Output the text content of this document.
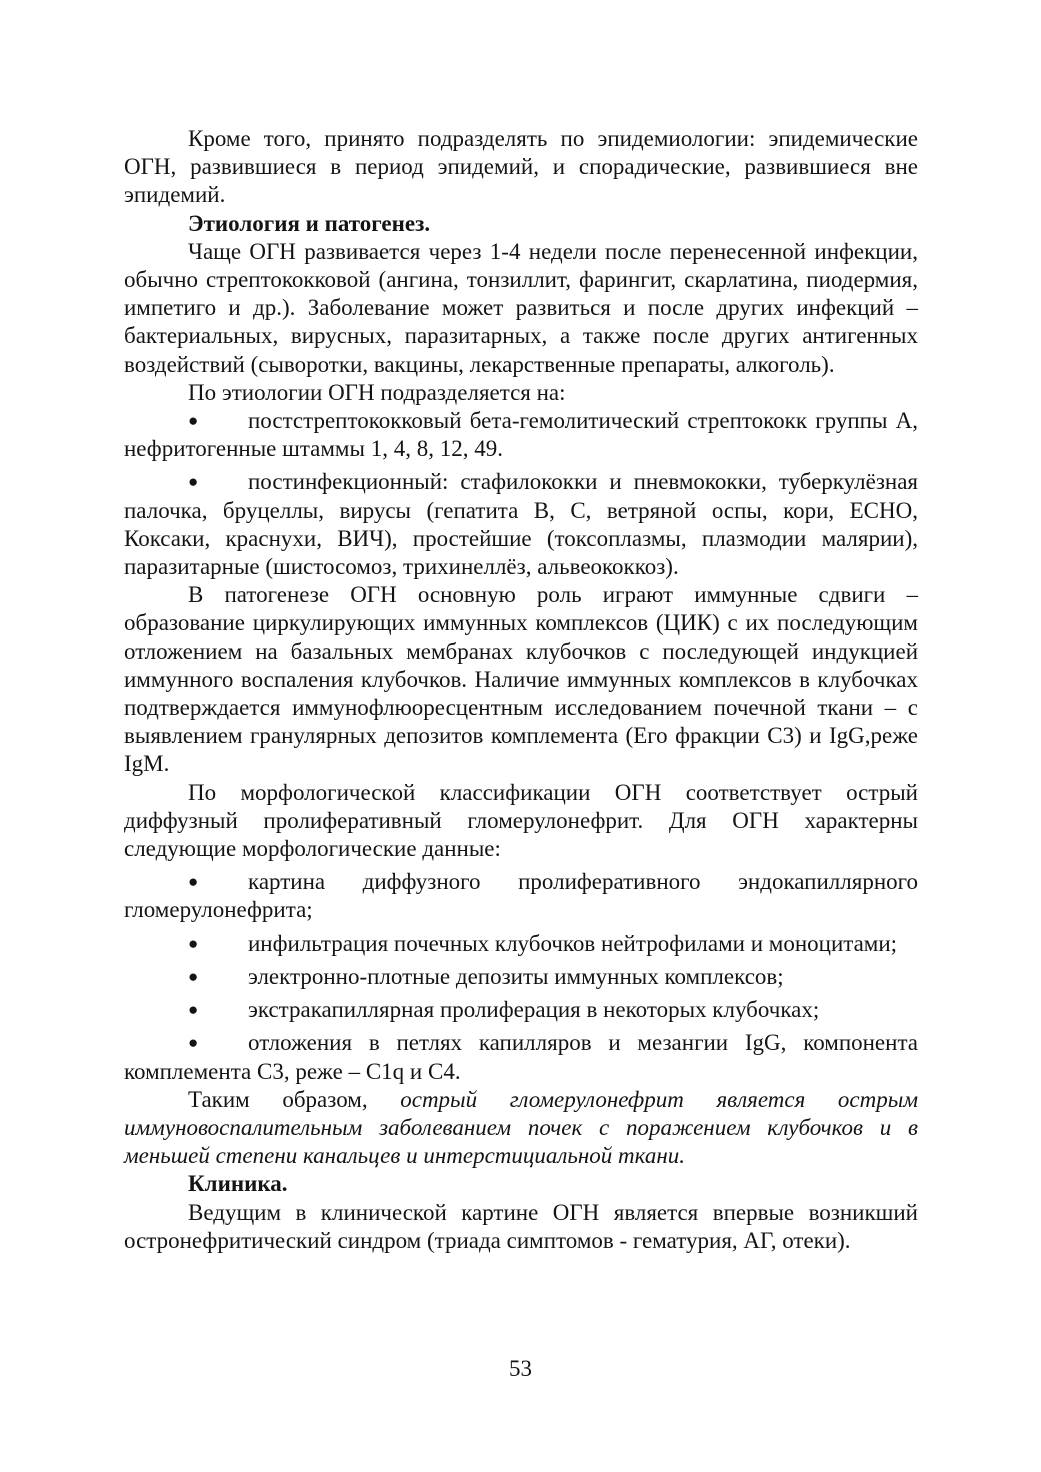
Кроме того, принято подразделять по эпидемиологии: эпидемические ОГН, развившиеся в период эпидемий, и спорадические, развившиеся вне эпидемий.

Этиология и патогенез.

Чаще ОГН развивается через 1-4 недели после перенесенной инфекции, обычно стрептококковой (ангина, тонзиллит, фарингит, скарлатина, пиодермия, импетиго и др.). Заболевание может развиться и после других инфекций – бактериальных, вирусных, паразитарных, а также после других антигенных воздействий (сыворотки, вакцины, лекарственные препараты, алкоголь).

По этиологии ОГН подразделяется на:

● постстрептококковый бета-гемолитический стрептококк группы А, нефритогенные штаммы 1, 4, 8, 12, 49.

● постинфекционный: стафилококки и пневмококки, туберкулёзная палочка, бруцеллы, вирусы (гепатита В, С, ветряной оспы, кори, ЕСНО, Коксаки, краснухи, ВИЧ), простейшие (токсоплазмы, плазмодии малярии), паразитарные (шистосомоз, трихинеллёз, альвеококкоз).

В патогенезе ОГН основную роль играют иммунные сдвиги – образование циркулирующих иммунных комплексов (ЦИК) с их последующим отложением на базальных мембранах клубочков с последующей индукцией иммунного воспаления клубочков. Наличие иммунных комплексов в клубочках подтверждается иммунофлюоресцентным исследованием почечной ткани – с выявлением гранулярных депозитов комплемента (Его фракции С3) и IgG,реже IgM.

По морфологической классификации ОГН соответствует острый диффузный пролиферативный гломерулонефрит. Для ОГН характерны следующие морфологические данные:

● картина диффузного пролиферативного эндокапиллярного гломерулонефрита;

● инфильтрация почечных клубочков нейтрофилами и моноцитами;

● электронно-плотные депозиты иммунных комплексов;

● экстракапиллярная пролиферация в некоторых клубочках;

● отложения в петлях капилляров и мезангии IgG, компонента комплемента С3, реже – С1q и С4.

Таким образом, острый гломерулонефрит является острым иммуновоспалительным заболеванием почек с поражением клубочков и в меньшей степени канальцев и интерстициальной ткани.

Клиника.

Ведущим в клинической картине ОГН является впервые возникший остронефритический синдром (триада симптомов - гематурия, АГ, отеки).

53
